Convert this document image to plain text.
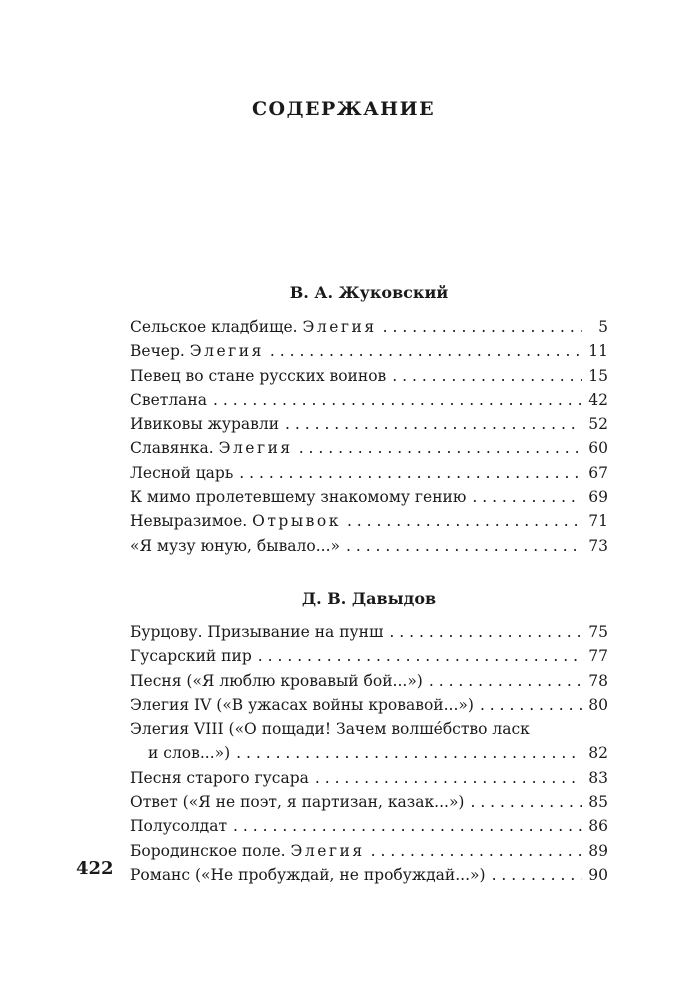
СОДЕРЖАНИЕ
В. А. Жуковский
Сельское кладбище. Элегия . . .	5
Вечер. Элегия . . .	11
Певец во стане русских воинов . . .	15
Светлана . . .	42
Ивиковы журавли . . .	52
Славянка. Элегия . . .	60
Лесной царь . . .	67
К мимо пролетевшему знакомому гению . . .	69
Невыразимое. Отрывок . . .	71
«Я музу юную, бывало...» . . .	73
Д. В. Давыдов
Бурцову. Призывание на пунш . . .	75
Гусарский пир . . .	77
Песня («Я люблю кровавый бой...») . . .	78
Элегия IV («В ужасах войны кровавой...») . . .	80
Элегия VIII («О пощади! Зачем волше́бство ласк
и слов...») . . .	82
Песня старого гусара . . .	83
Ответ («Я не поэт, я партизан, казак...») . . .	85
Полусолдат . . .	86
Бородинское поле. Элегия . . .	89
Романс («Не пробуждай, не пробуждай...») . . .	90
422
